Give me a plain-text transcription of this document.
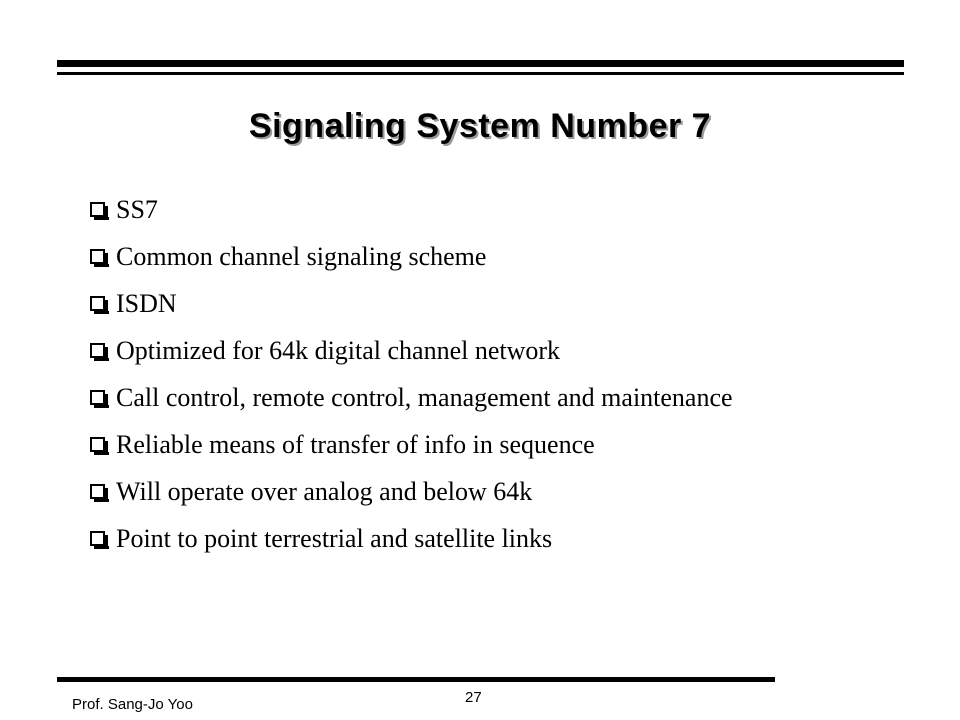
Signaling System Number 7
SS7
Common channel signaling scheme
ISDN
Optimized for 64k digital channel network
Call control, remote control, management and maintenance
Reliable means of transfer of info in sequence
Will operate over analog and below 64k
Point to point terrestrial and satellite links
Prof. Sang-Jo Yoo	27
